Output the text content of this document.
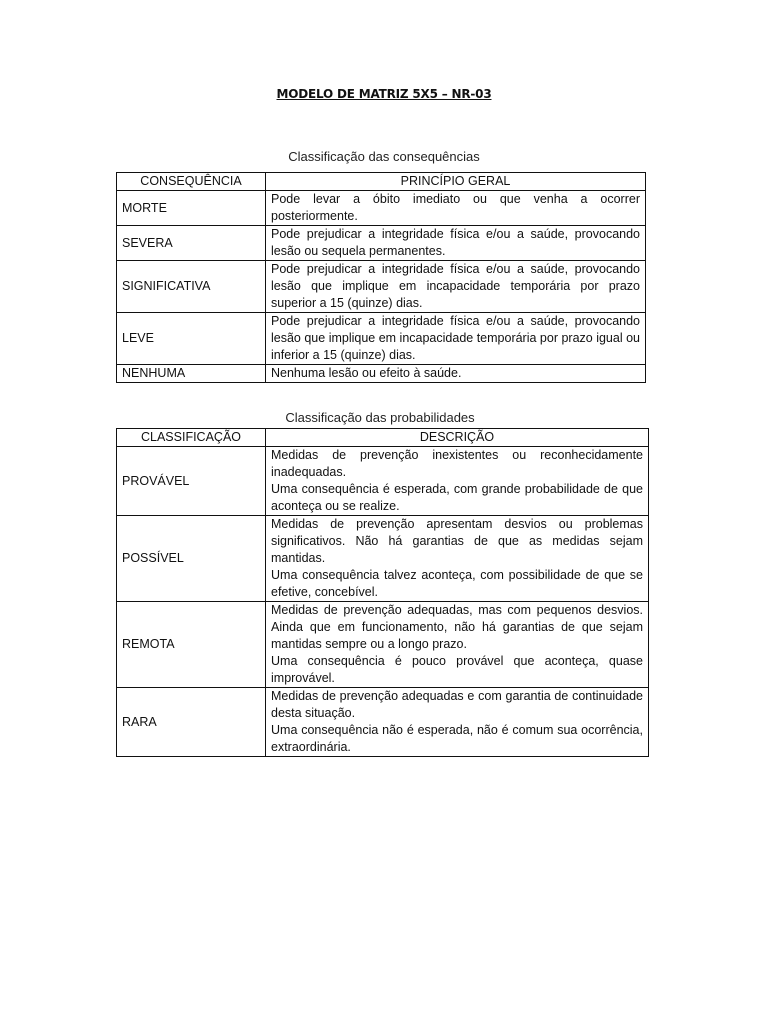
MODELO DE MATRIZ 5X5 – NR-03
Classificação das consequências
CONSEQUÊNCIA	PRINCÍPIO GERAL
MORTE	Pode levar a óbito imediato ou que venha a ocorrer posteriormente.

SEVERA	Pode prejudicar a integridade física e/ou a saúde, provocando lesão ou sequela permanentes.

SIGNIFICATIVA	Pode prejudicar a integridade física e/ou a saúde, provocando lesão que implique em incapacidade temporária por prazo superior a 15 (quinze) dias.

LEVE	Pode prejudicar a integridade física e/ou a saúde, provocando lesão que implique em incapacidade temporária por prazo igual ou inferior a 15 (quinze) dias.

NENHUMA	Nenhuma lesão ou efeito à saúde.
Classificação das probabilidades
CLASSIFICAÇÃO	DESCRIÇÃO
PROVÁVEL	Medidas de prevenção inexistentes ou reconhecidamente inadequadas.
Uma consequência é esperada, com grande probabilidade de que aconteça ou se realize.

POSSÍVEL	Medidas de prevenção apresentam desvios ou problemas significativos. Não há garantias de que as medidas sejam mantidas.
Uma consequência talvez aconteça, com possibilidade de que se efetive, concebível.

REMOTA	Medidas de prevenção adequadas, mas com pequenos desvios. Ainda que em funcionamento, não há garantias de que sejam mantidas sempre ou a longo prazo.
Uma consequência é pouco provável que aconteça, quase improvável.

RARA	Medidas de prevenção adequadas e com garantia de continuidade desta situação.
Uma consequência não é esperada, não é comum sua ocorrência, extraordinária.
